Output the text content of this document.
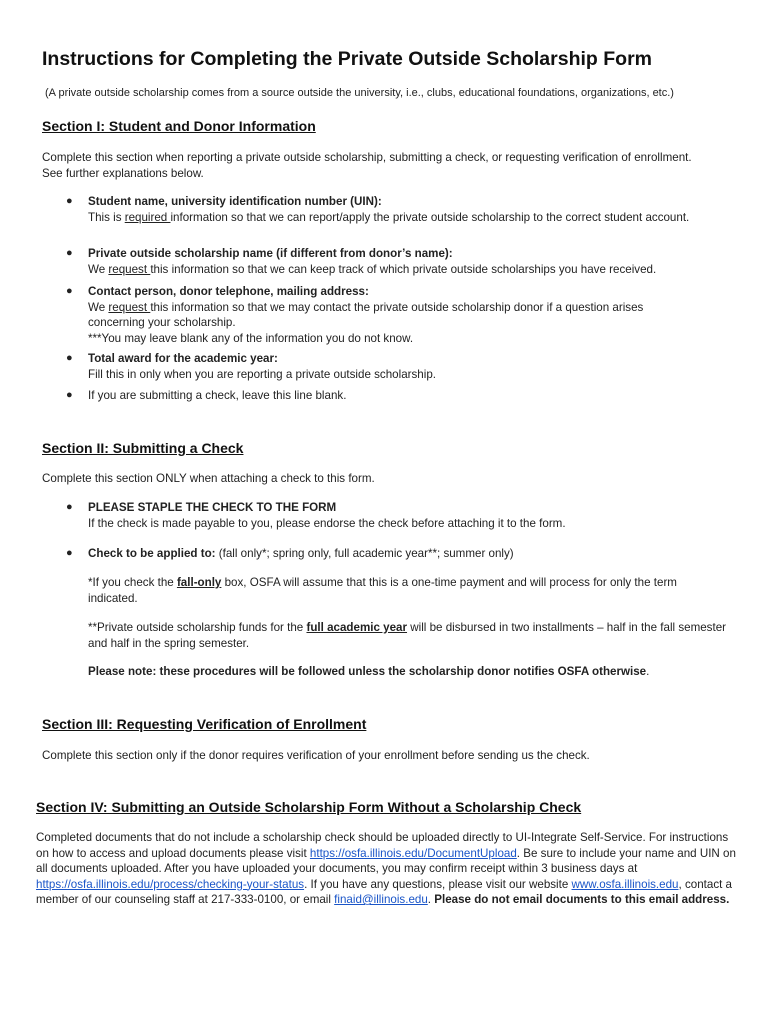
Instructions for Completing the Private Outside Scholarship Form
(A private outside scholarship comes from a source outside the university, i.e., clubs, educational foundations, organizations, etc.)
Section I: Student and Donor Information
Complete this section when reporting a private outside scholarship, submitting a check, or requesting verification of enrollment. See further explanations below.
● Student name, university identification number (UIN):
This is required information so that we can report/apply the private outside scholarship to the correct student account.
● Private outside scholarship name (if different from donor’s name):
We request this information so that we can keep track of which private outside scholarships you have received.
● Contact person, donor telephone, mailing address:
We request this information so that we may contact the private outside scholarship donor if a question arises concerning your scholarship.
***You may leave blank any of the information you do not know.
● Total award for the academic year:
Fill this in only when you are reporting a private outside scholarship.
● If you are submitting a check, leave this line blank.
Section II: Submitting a Check
Complete this section ONLY when attaching a check to this form.
● PLEASE STAPLE THE CHECK TO THE FORM
If the check is made payable to you, please endorse the check before attaching it to the form.
● Check to be applied to: (fall only*; spring only, full academic year**; summer only)
*If you check the fall-only box, OSFA will assume that this is a one-time payment and will process for only the term indicated.
**Private outside scholarship funds for the full academic year will be disbursed in two installments – half in the fall semester and half in the spring semester.
Please note: these procedures will be followed unless the scholarship donor notifies OSFA otherwise.
Section III: Requesting Verification of Enrollment
Complete this section only if the donor requires verification of your enrollment before sending us the check.
Section IV: Submitting an Outside Scholarship Form Without a Scholarship Check
Completed documents that do not include a scholarship check should be uploaded directly to UI-Integrate Self-Service. For instructions on how to access and upload documents please visit https://osfa.illinois.edu/DocumentUpload. Be sure to include your name and UIN on all documents uploaded. After you have uploaded your documents, you may confirm receipt within 3 business days at https://osfa.illinois.edu/process/checking-your-status. If you have any questions, please visit our website www.osfa.illinois.edu, contact a member of our counseling staff at 217-333-0100, or email finaid@illinois.edu. Please do not email documents to this email address.
